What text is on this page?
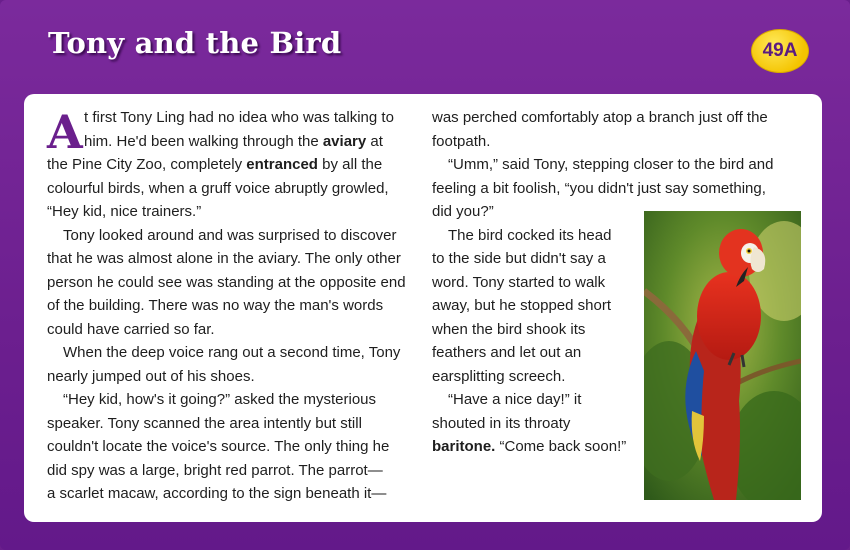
Tony and the Bird	49A
A t first Tony Ling had no idea who was talking to
him. He'd been walking through the aviary at
the Pine City Zoo, completely entranced by all the
colourful birds, when a gruff voice abruptly growled,
“Hey kid, nice trainers.”
Tony looked around and was surprised to discover
that he was almost alone in the aviary. The only other
person he could see was standing at the opposite end
of the building. There was no way the man's words
could have carried so far.
When the deep voice rang out a second time, Tony
nearly jumped out of his shoes.
“Hey kid, how's it going?” asked the mysterious
speaker. Tony scanned the area intently but still
couldn't locate the voice's source. The only thing he
did spy was a large, bright red parrot. The parrot—
a scarlet macaw, according to the sign beneath it—
was perched comfortably atop a branch just off the
footpath.
“Umm,” said Tony, stepping closer to the bird and
feeling a bit foolish, “you didn't just say something,
did you?”
The bird cocked its head
to the side but didn't say a
word. Tony started to walk
away, but he stopped short
when the bird shook its
feathers and let out an
earsplitting screech.
“Have a nice day!” it
shouted in its throaty
baritone. “Come back soon!”
